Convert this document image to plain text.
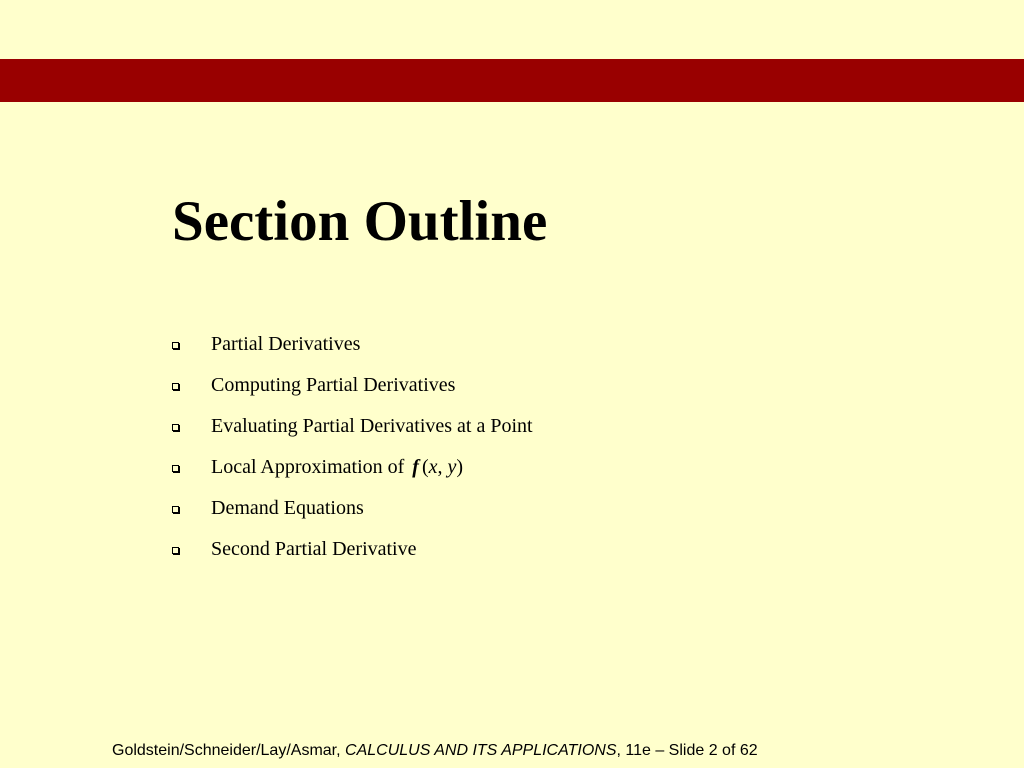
Section Outline
Partial Derivatives
Computing Partial Derivatives
Evaluating Partial Derivatives at a Point
Local Approximation of f (x, y)
Demand Equations
Second Partial Derivative
Goldstein/Schneider/Lay/Asmar, CALCULUS AND ITS APPLICATIONS, 11e – Slide 2 of 62
